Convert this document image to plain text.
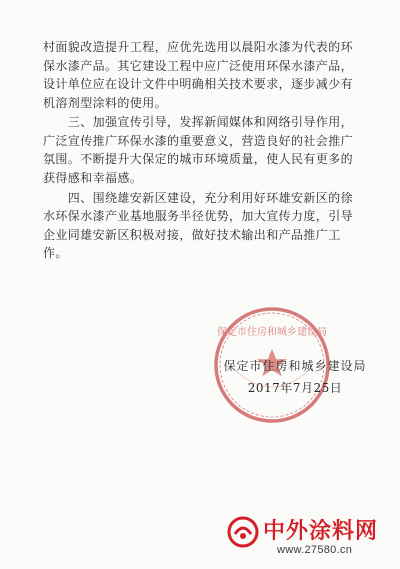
村面貌改造提升工程，应优先选用以晨阳水漆为代表的环保水漆产品。其它建设工程中应广泛使用环保水漆产品，设计单位应在设计文件中明确相关技术要求，逐步减少有机溶剂型涂料的使用。

　　三、加强宣传引导，发挥新闻媒体和网络引导作用，广泛宣传推广环保水漆的重要意义，营造良好的社会推广氛围。不断提升大保定的城市环境质量，使人民有更多的获得感和幸福感。

　　四、围绕雄安新区建设，充分利用好环雄安新区的徐水环保水漆产业基地服务半径优势，加大宣传力度，引导企业同雄安新区积极对接，做好技术输出和产品推广工作。

保定市住房和城乡建设局
保定市住房和城乡建设局
2017年7月25日
中外涂料网
www.27580.cn
